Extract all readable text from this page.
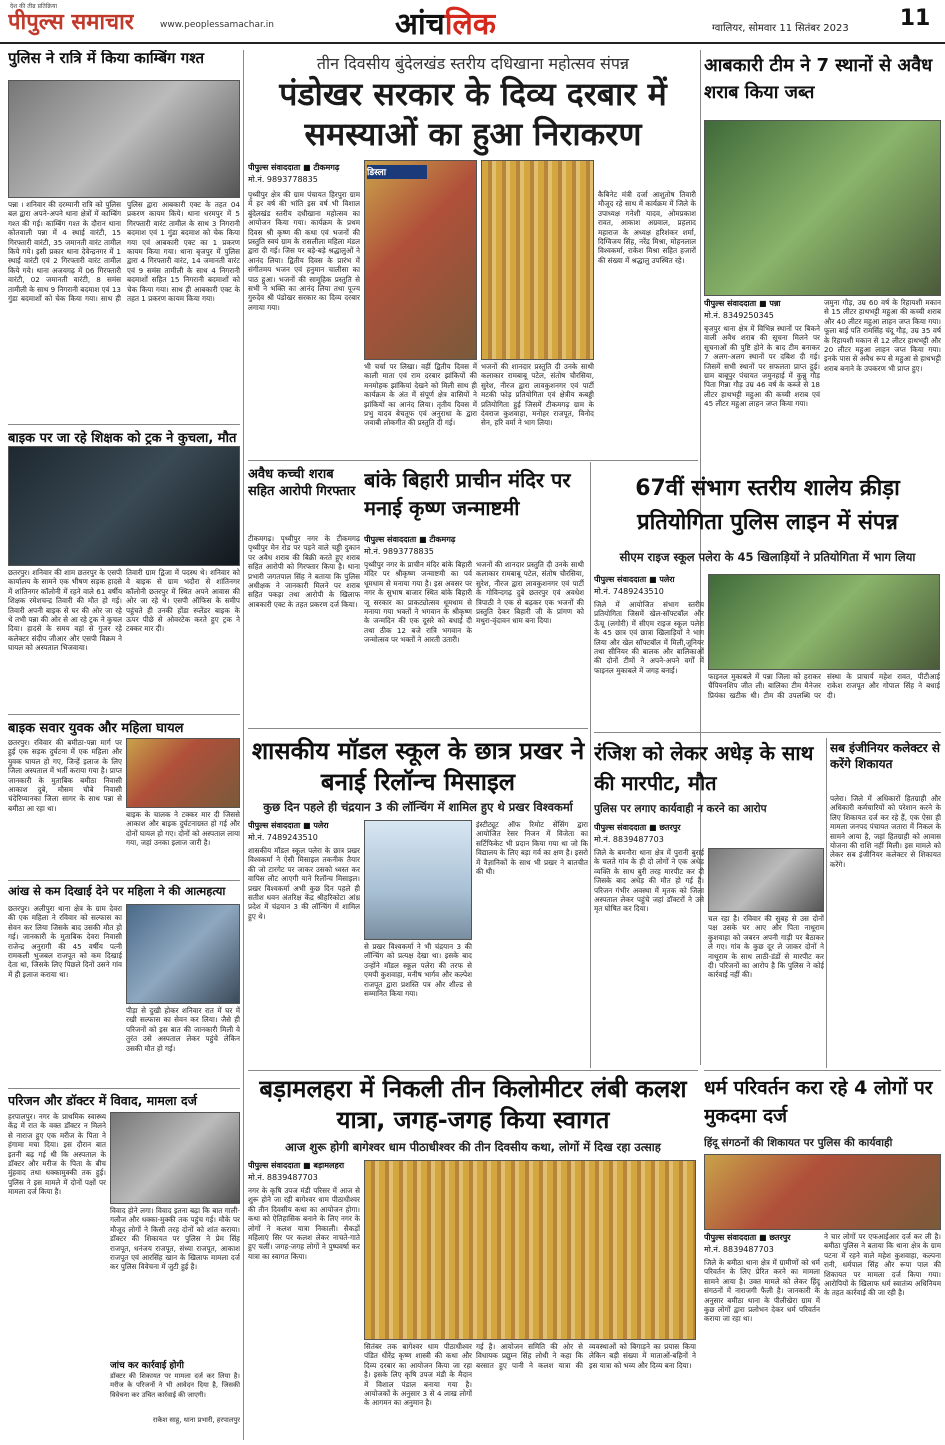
देश की तीव्र प्रतिक्रिया
पीपुल्स समाचार	www.peoplessamachar.in	आंचलिक	ग्वालियर, सोमवार 11 सितंबर 2023 11
पुलिस ने रात्रि में किया काम्बिंग गश्त
पन्ना । शनिवार की दरम्यानी रात्रि को पुलिस बल द्वारा अपने-अपने थाना क्षेत्रों में काम्बिंग गश्त की गई। काम्बिंग गश्त के दौरान थाना कोतवाली पन्ना में 4 स्थाई वारंटी, 15 गिरफ्तारी वारंटी, 35 जमानती वारंट तामील किये गये। इसी प्रकार थाना देवेन्द्रनगर में 1 स्थाई वारंटी एवं 2 गिरफ्तारी वारंट तामील किये गये। थाना अजयगढ़ में 06 गिरफ्तारी वारंटी, 02 जमानती वारंटी, 8 समंस तामीली के साथ 9 निगरानी बदमाश एवं 13 गुंडा बदमाशों को चेक किया गया। साथ ही पुलिस द्वारा आबकारी एक्ट के तहत 04 प्रकरण कायम किये। थाना धरमपुर में 5 गिरफ्तारी वारंट तामील के साथ 3 निगरानी बदमाश एवं 1 गुंडा बदमाश को चेक किया गया एवं आबकारी एक्ट का 1 प्रकरण कायम किया गया। थाना बृजपुर में पुलिस द्वारा 4 गिरफ्तारी वारंट, 14 जमानती वारंट एवं 9 समंस तामीली के साथ 4 निगरानी बदमाशों सहित 15 निगरानी बदमाशों को चेक किया गया। साथ ही आबकारी एक्ट के तहत 1 प्रकरण कायम किया गया।
बाइक पर जा रहे शिक्षक को ट्रक ने कुचला, मौत
छतरपुर। शनिवार की शाम छतरपुर के एसपी कार्यालय के सामने एक भीषण सड़क हादसे में शांतिनगर कॉलोनी में रहने वाले 61 वर्षीय शिक्षक रमेशचन्द्र तिवारी की मौत हो गई। तिवारी अपनी बाइक से घर की ओर जा रहे थे तभी पन्ना की ओर से आ रहे ट्रक ने कुचल दिया। हादसे के समय वहां से गुजर रहे कलेक्टर संदीप जीआर और एसपी विक्रम ने घायल को अस्पताल भिजवाया।
तिवारी ग्राम द्विजा में पदस्थ थे। शनिवार को वे बाइक से ग्राम भदौरा से शांतिनगर कॉलोनी छतरपुर में स्थित अपने आवास की ओर जा रहे थे। एसपी ऑफिस के समीप पहुंचते ही उनकी होंडा स्प्लेंडर बाइक के ऊपर पीछे से ओवरटेक करते हुए ट्रक ने टक्कर मार दी।
बाइक सवार युवक और महिला घायल
छतरपुर। रविवार की बमीठा-पन्ना मार्ग पर हुई एक सड़क दुर्घटना में एक महिला और युवक घायल हो गए, जिन्हें इलाज के लिए जिला अस्पताल में भर्ती कराया गया है। प्राप्त जानकारी के मुताबिक बमीठा निवासी आकाश दुबे, मौसम चौबे निवासी चंदेरिय्यानका जिला सागर के साथ पन्ना से बमीठा आ रहा था।
बाइक के चालक ने टक्कर मार दी जिससे आकाश और बाइक दुर्घटनाग्रस्त हो गई और दोनों घायल हो गए। दोनों को अस्पताल लाया गया, जहां उनका इलाज जारी है।
आंख से कम दिखाई देने पर महिला ने की आत्महत्या
छतरपुर। अलीपुरा थाना क्षेत्र के ग्राम देवरा की एक महिला ने रविवार को सल्फास का सेवन कर लिया जिसके बाद उसकी मौत हो गई। जानकारी के मुताबिक देवरा निवासी राजेन्द्र अनुरागी की 45 वर्षीय पत्नी रामकली भुजबल राजपूत को कम दिखाई देता था, जिसके लिए पिछले दिनों उसने गांव में ही इलाज कराया था।
पीड़ा से दुखी होकर शनिवार रात में घर में रखी सल्फास का सेवन कर लिया। जैसे ही परिजनों को इस बात की जानकारी मिली वे तुरंत उसे अस्पताल लेकर पहुंचे लेकिन उसकी मौत हो गई।
परिजन और डॉक्टर में विवाद, मामला दर्ज
हरपालपुर। नगर के प्राथमिक स्वास्थ्य केंद्र में रात के वक्त डॉक्टर न मिलने से नाराज हुए एक मरीज के पिता ने हंगामा मचा दिया। इस दौरान बात इतनी बढ़ गई थी कि अस्पताल के डॉक्टर और मरीज के पिता के बीच मुंहवाद तथा धक्कामुक्की तक हुई। पुलिस ने इस मामले में दोनों पक्षों पर मामला दर्ज किया है।
विवाद होने लगा। विवाद इतना बढ़ा कि बात गाली-गलौज और धक्का-मुक्की तक पहुंच गई। मौके पर मौजूद लोगों ने किसी तरह दोनों को शांत कराया। डॉक्टर की शिकायत पर पुलिस ने प्रेम सिंह राजपूत, धनंजय राजपूत, संध्या राजपूत, आकाश राजपूत एवं आरसिंह खान के खिलाफ मामला दर्ज कर पुलिस विवेचना में जुटी हुई है।
जांच कर कार्रवाई होगी
डॉक्टर की शिकायत पर मामला दर्ज कर लिया है। मरीज के परिजनों ने भी आवेदन दिया है, जिसकी विवेचना कर उचित कार्रवाई की जाएगी।
राकेश साहू, थाना प्रभारी, हरपालपुर
तीन दिवसीय बुंदेलखंड स्तरीय दधिखाना महोत्सव संपन्न
पंडोखर सरकार के दिव्य दरबार में समस्याओं का हुआ निराकरण
पीपुल्स संवाददाता ■ टीकमगढ़
मो.नं. 9893778835
पृथ्वीपुर क्षेत्र की ग्राम पंचायत हिरपुरा ग्राम में हर वर्ष की भांति इस वर्ष भी विशाल बुंदेलखंड स्तरीय दधीखाना महोत्सव का आयोजन किया गया। कार्यक्रम के प्रथम दिवस श्री कृष्ण की कथा एवं भजनों की प्रस्तुति स्वयं ग्राम के रासलीला महिला मंडल द्वारा दी गई। जिस पर बड़े-बड़े श्रद्धालुओं ने आनंद लिया। द्वितीय दिवस के प्रारंभ में संगीतमय भजन एवं हनुमान चालीसा का पाठ हुआ। भजनों की सामूहिक प्रस्तुति से सभी ने भक्ति का आनंद लिया तथा पूज्य गुरुदेव श्री पंडोखर सरकार का दिव्य दरबार लगाया गया।
डिस्ला
भी चर्चा पर लिखा। वहीं द्वितीय दिवस में काली माता एवं राम दरबार झांकियों की मनमोहक झांकियां देखने को मिली साथ ही कार्यक्रम के अंत में संपूर्ण क्षेत्र वासियों ने झांकियों का आनंद लिया। तृतीय दिवस में प्रभु यादव बेचतूफ एवं अनुराधा के द्वारा जवाबी लोकगीत की प्रस्तुति दी गई।
भजनों की शानदार प्रस्तुति दी उनके साथी कलाकार रामबाबू पटेल, संतोष चौरसिया, सुरेश, नीरज द्वारा लावकुशनगर एवं पार्टी मटकी फोड़ प्रतियोगिता एवं क्षेत्रीय कबड्डी प्रतियोगिता हुई जिसमें टीकमगढ़ ग्राम के देवराज कुशवाहा, मनोहर राजपूत, विनोद सेन, हरि वर्मा ने भाग लिया।
कैबिनेट मंत्री दर्जा आशुतोष तिवारी मौजूद रहे साथ में कार्यक्रम में जिले के उपाध्यक्ष गनेशी यादव, ओमप्रकाश रावत, आकाश अग्रवाल, प्रहलाद महाराज के अध्यक्ष हरिशंकर शर्मा, दिग्विजय सिंह, नरेंद्र मिश्रा, मोहनलाल विश्वकर्मा, राकेश मिश्रा सहित हजारों की संख्या में श्रद्धालु उपस्थित रहे।
अवैध कच्ची शराब सहित आरोपी गिरफ्तार
टीकमगढ़। पृथ्वीपुर नगर के टीकमगढ़ पृथ्वीपुर मेन रोड पर पड़ने वाले चड्डी दुकान पर अवैध शराब की बिक्री करते हुए शराब सहित आरोपी को गिरफ्तार किया है। थाना प्रभारी जगतपाल सिंह ने बताया कि पुलिस अधीक्षक ने जानकारी मिलने पर शराब सहित पकड़ा तथा आरोपी के खिलाफ आबकारी एक्ट के तहत प्रकरण दर्ज किया।
बांके बिहारी प्राचीन मंदिर पर मनाई कृष्ण जन्माष्टमी
पीपुल्स संवाददाता ■ टीकमगढ़
मो.नं. 9893778835
पृथ्वीपुर नगर के प्राचीन मंदिर बांके बिहारी मंदिर पर श्रीकृष्ण जन्माष्टमी का पर्व धूमधाम से मनाया गया है। इस अवसर पर नगर के सुभाष बाजार स्थित बांके बिहारी जू सरकार का प्राकट्योत्सव धूमधाम से मनाया गया भक्तों ने भगवान के श्रीकृष्ण के जन्मदिन की एक दूसरे को बधाई दी तथा ठीक 12 बजे रात्रि भगवान के जन्मोत्सव पर भक्तों ने आरती उतारी।
भजनों की शानदार प्रस्तुति दी उनके साथी कलाकार रामबाबू पटेल, संतोष चौरसिया, सुरेश, नीरज द्वारा लावकुशनगर एवं पार्टी के गोविन्दगढ़ दुबे छतरपुर एवं अवधेश त्रिपाठी ने एक से बढ़कर एक भजनों की प्रस्तुति देकर बिहारी जी के प्रांगण को मथुरा-वृंदावन धाम बना दिया।
शासकीय मॉडल स्कूल के छात्र प्रखर ने बनाई रिलॉन्च मिसाइल
कुछ दिन पहले ही चंद्रयान 3 की लॉन्चिंग में शामिल हुए थे प्रखर विश्वकर्मा
पीपुल्स संवाददाता ■ पलेरा
मो.नं. 7489243510
शासकीय मॉडल स्कूल पलेरा के छात्र प्रखर विश्वकर्मा ने ऐसी मिसाइल तकनीक तैयार की जो टारगेट पर जाकर उसको ध्वस्त कर वापिस लौट आएगी याने रिलॉन्च मिसाइल। प्रखर विश्वकर्मा अभी कुछ दिन पहले ही सतीश धवन अंतरिक्ष केंद्र श्रीहरिकोटा आंध्र प्रदेश में चंद्रयान 3 की लॉन्चिंग में शामिल हुए थे।
से प्रखर विश्वकर्मा ने भी चंद्रयान 3 की लॉन्चिंग को प्रत्यक्ष देखा था। इसके बाद उन्होंने मॉडल स्कूल पलेरा की तरफ से एमपी कुशवाहा, मनीष भार्गव और कल्पेश राजपूत द्वारा प्रशस्ति पत्र और शील्ड से सम्मानित किया गया।
इंस्टीट्यूट ऑफ रिमोट सेंसिंग द्वारा आयोजित रेसर निजन में विजेता का सर्टिफिकेट भी प्रदान किया गया था जो कि विद्यालय के लिए बड़ा गर्व का क्षण है। इसरो में वैज्ञानिकों के साथ भी प्रखर ने बातचीत की थी।
बड़ामलहरा में निकली तीन किलोमीटर लंबी कलश यात्रा, जगह-जगह किया स्वागत
आज शुरू होगी बागेश्वर धाम पीठाधीश्वर की तीन दिवसीय कथा, लोगों में दिख रहा उत्साह
पीपुल्स संवाददाता ■ बड़ामलहरा
मो.नं. 8839487703
नगर के कृषि उपज मंडी परिसर में आज से शुरू होने जा रही बागेश्वर धाम पीठाधीश्वर की तीन दिवसीय कथा का आयोजन होगा। कथा को ऐतिहासिक बनाने के लिए नगर के लोगों ने कलश यात्रा निकाली। सैकड़ों महिलाएं सिर पर कलश लेकर नाचते-गाते हुए चलीं। जगह-जगह लोगों ने पुष्पवर्षा कर यात्रा का स्वागत किया।
सितंबर तक बागेश्वर धाम पीठाधीश्वर पंडित धीरेंद्र कृष्ण शास्त्री की कथा और दिव्य दरबार का आयोजन किया जा रहा है। इसके लिए कृषि उपज मंडी के मैदान में विशाल पंडाल बनाया गया है। आयोजकों के अनुसार 3 से 4 लाख लोगों के आगमन का अनुमान है।
गई है। आयोजन समिति की ओर से विधायक प्रद्युम्न सिंह लोधी ने कहा कि बरसात हुए पानी ने कलश यात्रा की व्यवस्थाओं को बिगाड़ने का प्रयास किया लेकिन बड़ी संख्या में माताओं-बहिनों ने इस यात्रा को भव्य और दिव्य बना दिया।
67वीं संभाग स्तरीय शालेय क्रीड़ा प्रतियोगिता पुलिस लाइन में संपन्न
सीएम राइज स्कूल पलेरा के 45 खिलाड़ियों ने प्रतियोगिता में भाग लिया
पीपुल्स संवाददाता ■ पलेरा
मो.नं. 7489243510
जिले में आयोजित संभाग स्तरीय प्रतियोगिता जिसमें खेल-सॉफ्टबॉल और ऊँचू (लगोरी) में सीएम राइज स्कूल पलेरा के 45 छात्र एवं छात्रा खिलाड़ियों ने भाग लिया और खेल सॉफ्टबॉल में मिली,जूनियर तथा सीनियर की बालक और बालिकाओं की दोनों टीमों ने अपने-अपने वर्गों में फाइनल मुकाबले में जगह बनाई।
फाइनल मुकाबले में पन्ना जिला को हराकर चैंपियनशिप जीत ली। बालिका टीम मैनेजर प्रियंका खटीक थी। टीम की उपलब्धि पर संस्था के प्राचार्य महेश रावत, पीटीआई राकेश राजपूत और गोपाल सिंह ने बधाई दी।
रंजिश को लेकर अधेड़ के साथ की मारपीट, मौत
पुलिस पर लगाए कार्यवाही न करने का आरोप
पीपुल्स संवाददाता ■ छतरपुर
मो.नं. 8839487703
जिले के बमनौरा थाना क्षेत्र में पुरानी बुराई के चलते गांव के ही दो लोगों ने एक अधेड़ व्यक्ति के साथ बुरी तरह मारपीट कर दी जिसके बाद अधेड़ की मौत हो गई है। परिजन गंभीर अवस्था में मृतक को जिला अस्पताल लेकर पहुंचे जहां डॉक्टरों ने उसे मृत घोषित कर दिया।
चल रहा है। रविवार की सुबह से उस दोनों पक्ष उसके घर आए और पिता नाथूराम कुशवाहा को जबरन अपनी गाड़ी पर बैठाकर ले गए। गांव के कुछ दूर ले जाकर दोनों ने नाथूराम के साथ लाठी-डंडों से मारपीट कर दी। परिजनों का आरोप है कि पुलिस ने कोई कार्रवाई नहीं की।
सब इंजीनियर कलेक्टर से करेंगे शिकायत
पलेरा। जिले में अधिकारों हितग्राही और अधिकारी कर्मचारियों को परेशान करने के लिए शिकायत दर्ज कर रहे हैं, एक ऐसा ही मामला जनपद पंचायत जतारा में निकल के सामने आया है, जहां हितग्राही को आवास योजना की राशि नहीं मिली। इस मामले को लेकर सब इंजीनियर कलेक्टर से शिकायत करेंगे।
आबकारी टीम ने 7 स्थानों से अवैध शराब किया जब्त
पीपुल्स संवाददाता ■ पन्ना
मो.नं. 8349250345
बृजपुर थाना क्षेत्र में विभिन्न स्थानों पर बिकने वाली अवैध शराब की सूचना मिलने पर सूचनाओं की पुष्टि होने के बाद टीम बनाकर 7 अलग-अलग स्थानों पर दबिश दी गई। जिसमें सभी स्थानों पर सफलता प्राप्त हुई। ग्राम बाबूपुर पंचायत जमुनहाई में कुन्नु गौड़ पिता गिन्ना गौड़ उम्र 46 वर्ष के कब्जे से 18 लीटर हाथभट्टी महुआ की कच्ची शराब एवं 45 लीटर महुआ लाहन जप्त किया गया।
जमुना गौड़, उम्र 60 वर्ष के रिहायशी मकान से 15 लीटर हाथभट्टी महुआ की कच्ची शराब और 40 लीटर महुआ लाहन जप्त किया गया। फूला बाई पति रामसिंह चंदू गौड़, उम्र 35 वर्ष के रिहायशी मकान से 12 लीटर हाथभट्टी और 20 लीटर महुआ लाहन जप्त किया गया। इनके पास से अवैध रूप से महुआ से हाथभट्टी शराब बनाने के उपकरण भी प्राप्त हुए।
धर्म परिवर्तन करा रहे 4 लोगों पर मुकदमा दर्ज
हिंदू संगठनों की शिकायत पर पुलिस की कार्यवाही
पीपुल्स संवाददाता ■ छतरपुर
मो.नं. 8839487703
जिले के बमीठा थाना क्षेत्र में ग्रामीणों को धर्म परिवर्तन के लिए प्रेरित करने का मामला सामने आया है। उक्त मामले को लेकर हिंदू संगठनों में नाराजगी फैली है। जानकारी के अनुसार बमीठा थाना के पीलीखेरा ग्राम में कुछ लोगों द्वारा प्रलोभन देकर धर्म परिवर्तन कराया जा रहा था।
ने चार लोगों पर एफआईआर दर्ज कर ली है। बमीठा पुलिस ने बताया कि थाना क्षेत्र के ग्राम पटना में रहने वाले महेश कुशवाहा, कल्पना रानी, धर्मपाल सिंह और रूपा पाल की शिकायत पर मामला दर्ज किया गया। आरोपियों के खिलाफ धर्म स्वातंत्र्य अधिनियम के तहत कार्रवाई की जा रही है।
